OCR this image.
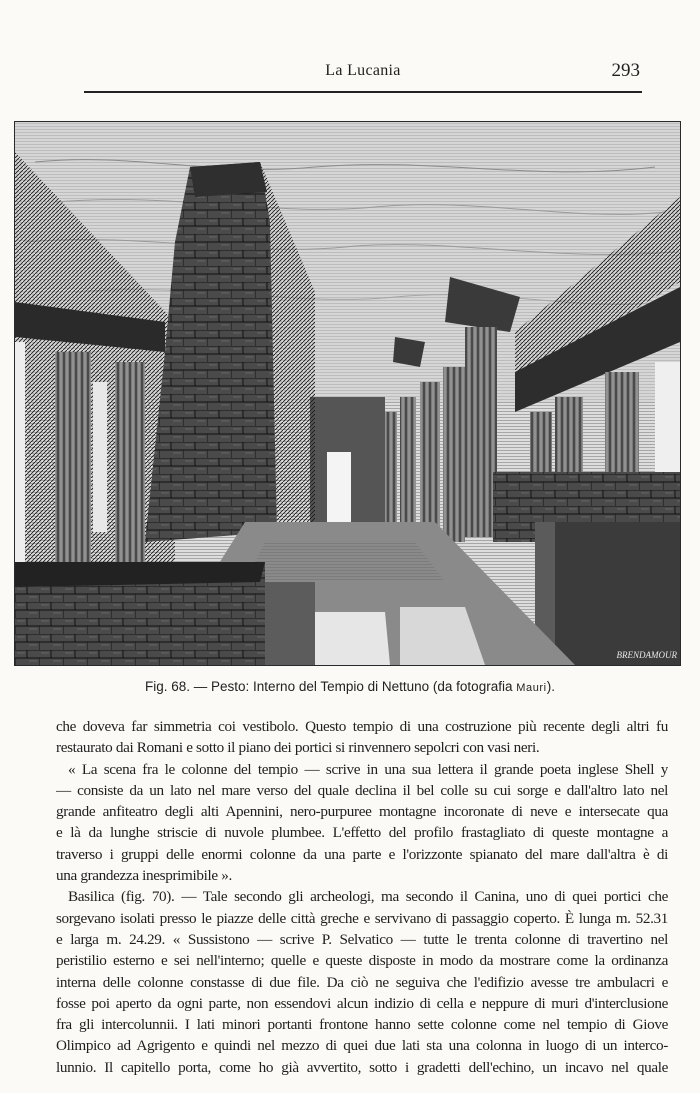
La Lucania	293
BRENDAMOUR
Fig. 68. — Pesto: Interno del Tempio di Nettuno (da fotografia Mauri).
che doveva far simmetria coi vestibolo. Questo tempio di una costruzione più recente degli altri fu
restaurato dai Romani e sotto il piano dei portici si rinvennero sepolcri con vasi neri.
« La scena fra le colonne del tempio — scrive in una sua lettera il grande poeta inglese Shell y
— consiste da un lato nel mare verso del quale declina il bel colle su cui sorge e dall'altro lato nel
grande anfiteatro degli alti Apennini, nero-purpuree montagne incoronate di neve e intersecate qua
e là da lunghe striscie di nuvole plumbee. L'effetto del profilo frastagliato di queste montagne a
traverso i gruppi delle enormi colonne da una parte e l'orizzonte spianato del mare dall'altra è di
una grandezza inesprimibile ».
Basilica (fig. 70). — Tale secondo gli archeologi, ma secondo il Canina, uno di quei portici che
sorgevano isolati presso le piazze delle città greche e servivano di passaggio coperto. È lunga m. 52.31
e larga m. 24.29. « Sussistono — scrive P. Selvatico — tutte le trenta colonne di travertino nel
peristilio esterno e sei nell'interno; quelle e queste disposte in modo da mostrare come la ordinanza
interna delle colonne constasse di due file. Da ciò ne seguiva che l'edifizio avesse tre ambulacri e
fosse poi aperto da ogni parte, non essendovi alcun indizio di cella e neppure di muri d'interclusione
fra gli intercolunnii. I lati minori portanti frontone hanno sette colonne come nel tempio di Giove
Olimpico ad Agrigento e quindi nel mezzo di quei due lati sta una colonna in luogo di un interco-
lunnio. Il capitello porta, come ho già avvertito, sotto i gradetti dell'echino, un incavo nel quale
